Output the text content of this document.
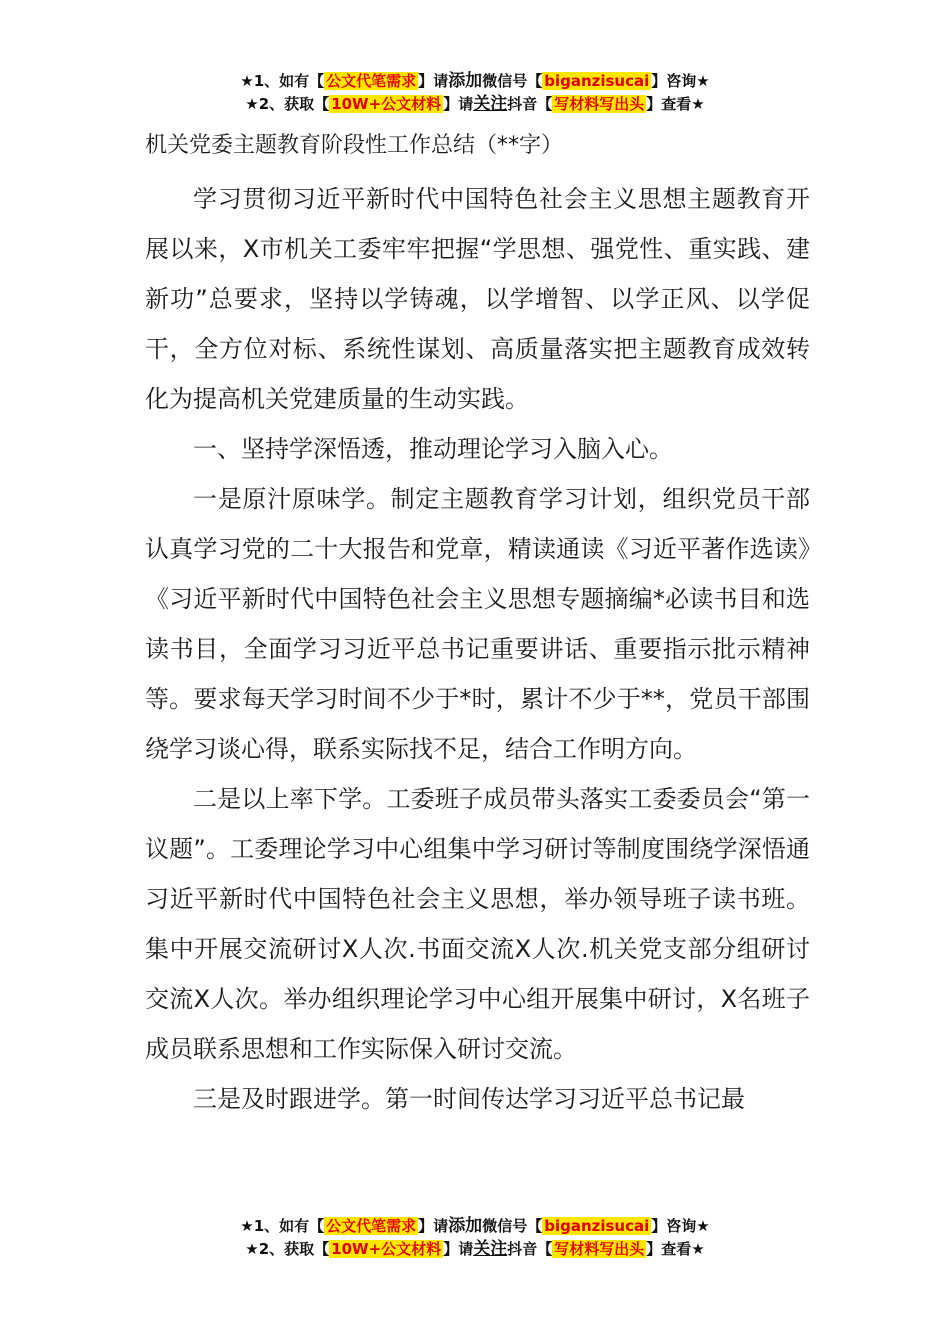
★1、如有【 公文代笔需求 】请添加微信号【 biganzisucai 】咨询★
★2、获取【 10W+公文材料 】请关注抖音【 写材料写出头 】查看★

机关党委主题教育阶段性工作总结（**字）

学习贯彻习近平新时代中国特色社会主义思想主题教育开展以来，X市机关工委牢牢把握“学思想、强党性、重实践、建新功”总要求，坚持以学铸魂，以学增智、以学正风、以学促干，全方位对标、系统性谋划、高质量落实把主题教育成效转化为提高机关党建质量的生动实践。

一、坚持学深悟透，推动理论学习入脑入心。

一是原汁原味学。制定主题教育学习计划，组织党员干部认真学习党的二十大报告和党章，精读通读《习近平著作选读》《习近平新时代中国特色社会主义思想专题摘编*必读书目和选读书目，全面学习习近平总书记重要讲话、重要指示批示精神等。要求每天学习时间不少于*时，累计不少于**，党员干部围绕学习谈心得，联系实际找不足，结合工作明方向。

二是以上率下学。工委班子成员带头落实工委委员会“第一议题”。工委理论学习中心组集中学习研讨等制度围绕学深悟通习近平新时代中国特色社会主义思想，举办领导班子读书班。集中开展交流研讨X人次.书面交流X人次.机关党支部分组研讨交流X人次。举办组织理论学习中心组开展集中研讨，X名班子成员联系思想和工作实际保入研讨交流。

三是及时跟进学。第一时间传达学习习近平总书记最

★1、如有【 公文代笔需求 】请添加微信号【 biganzisucai 】咨询★
★2、获取【 10W+公文材料 】请关注抖音【 写材料写出头 】查看★
